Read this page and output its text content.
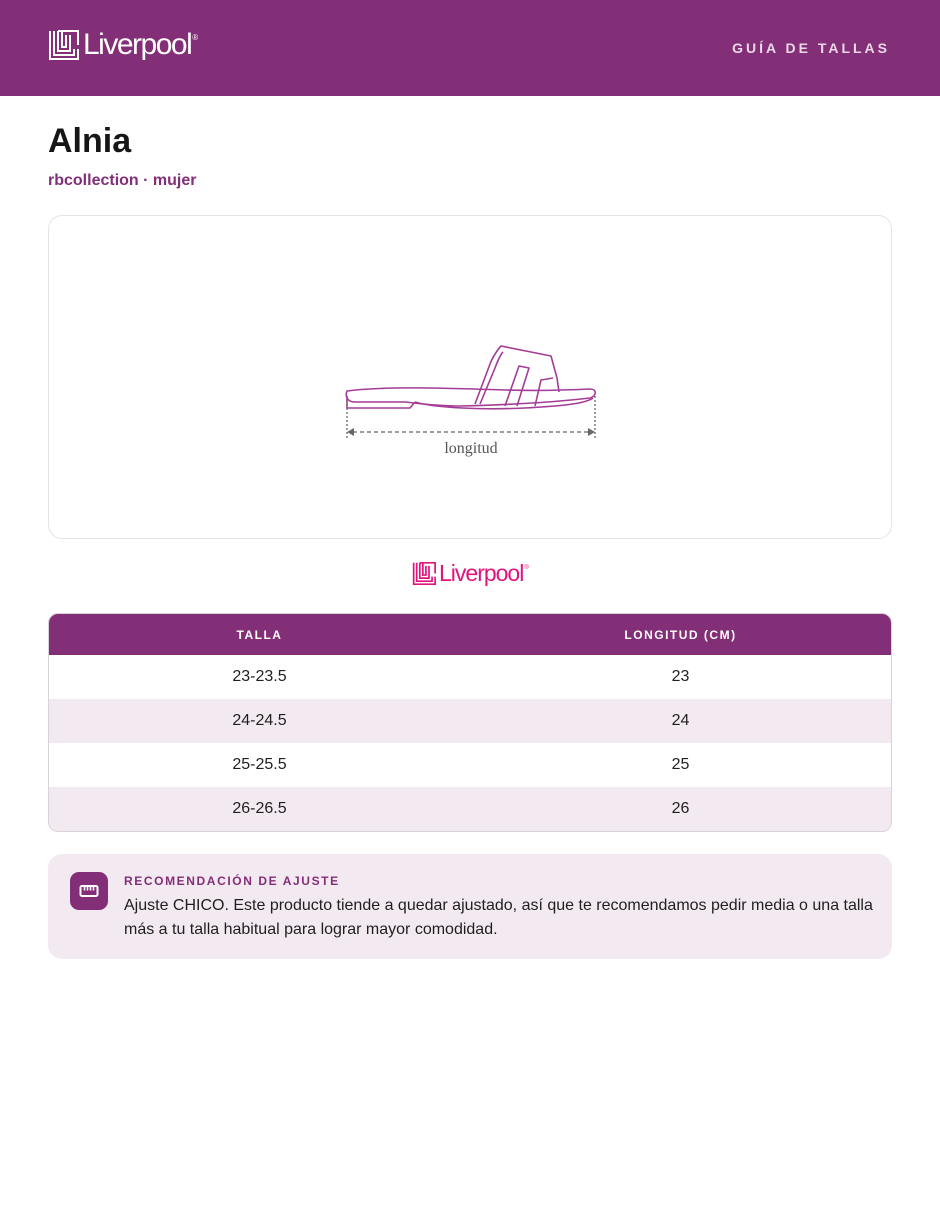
Liverpool ®
GUÍA DE TALLAS
Alnia
rbcollection · mujer
longitud
Liverpool ®
TALLA	LONGITUD (CM)
23-23.5	23
24-24.5	24
25-25.5	25
26-26.5	26
RECOMENDACIÓN DE AJUSTE
Ajuste CHICO. Este producto tiende a quedar ajustado, así que te recomendamos pedir media o una talla más a tu talla habitual para lograr mayor comodidad.
